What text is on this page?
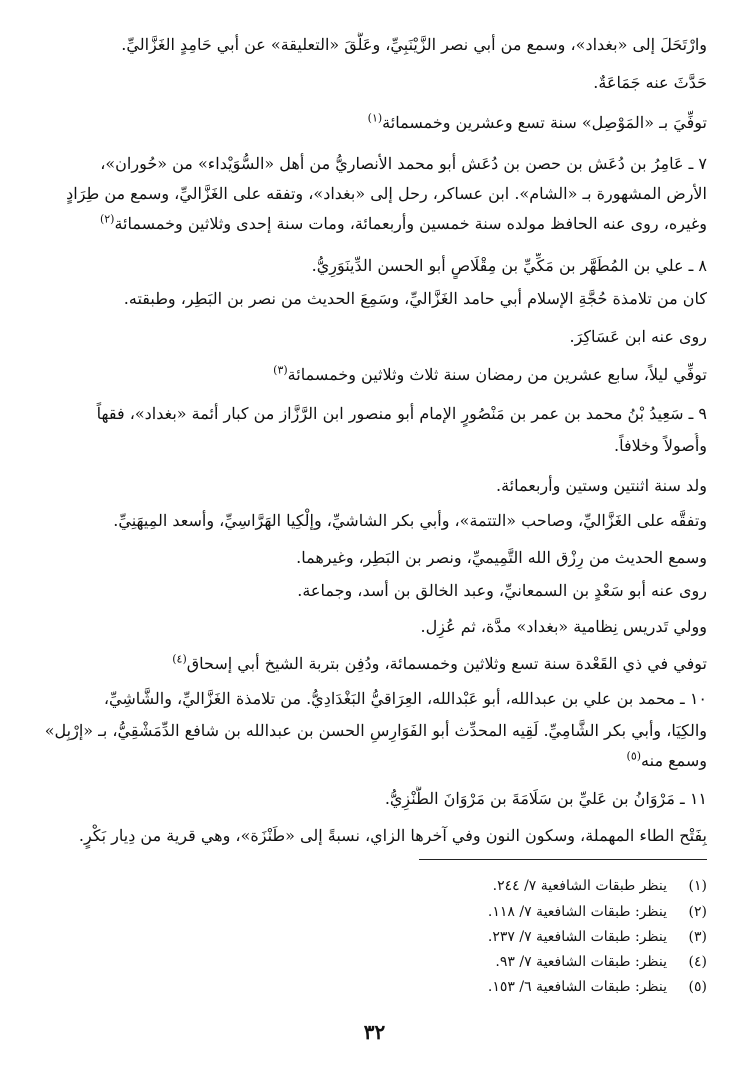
وارْتَحَلَ إلى «بغداد»، وسمع من أبي نصر الزَّيْنَبِيِّ، وعَلَّقَ «التعليقة» عن أبي حَامِدٍ الغَزَّاليِّ.
حَدَّثَ عنه جَمَاعَةٌ.
توفِّيَ بـ «المَوْصِل» سنة تسع وعشرين وخمسمائة$^{(١)}$
٧ ـ عَامِرُ بن دُعَش بن حصن بن دُعَش أبو محمد الأنصاريُّ من أهل «السُّوَيْداء» من «حُوران»،
الأرض المشهورة بـ «الشام». ابن عساكر، رحل إلى «بغداد»، وتفقه على الغَزَّاليِّ، وسمع من طِرَادٍ
وغيره، روى عنه الحافظ مولده سنة خمسين وأربعمائة، ومات سنة إحدى وثلاثين وخمسمائة$^{(٢)}$
٨ ـ علي بن المُطَهَّر بن مَكِّيِّ بن مِقْلَاصٍ أبو الحسن الدِّينَوَرِيُّ.
كان من تلامذة حُجَّةِ الإسلام أبي حامد الغَزَّاليِّ، وسَمِعَ الحديث من نصر بن البَطِر، وطبقته.
روى عنه ابن عَسَاكِرَ.
توفِّي ليلاً، سابع عشرين من رمضان سنة ثلاث وثلاثين وخمسمائة$^{(٣)}$
٩ ـ سَعِيدُ بْنُ محمد بن عمر بن مَنْصُورٍ الإمام أبو منصور ابن الرَّزَّاز من كبار أئمة «بغداد»، فقهاً
وأُصولاً وخلافاً.
ولد سنة اثنتين وستين وأربعمائة.
وتفقَّه على الغَزَّاليِّ، وصاحب «التتمة»، وأبي بكر الشاشيِّ، وإلْكِيا الهَرَّاسِيِّ، وأسعد المِيهَنِيِّ.
وسمع الحديث من رِزْق الله التَّمِيميِّ، ونصر بن البَطِر، وغيرهما.
روى عنه أبو سَعْدٍ بن السمعانيِّ، وعبد الخالق بن أسد، وجماعة.
وولي تَدريس نِظامية «بغداد» مدَّة، ثم عُزِل.
توفي في ذي القَعْدة سنة تسع وثلاثين وخمسمائة، ودُفِن بتربة الشيخ أبي إسحاق$^{(٤)}$
١٠ ـ محمد بن علي بن عبدالله، أبو عَبْدالله، العِرَاقيُّ البَغْدَادِيُّ. من تلامذة الغَزَّاليِّ، والشَّاشِيِّ،
والكِيَا، وأبي بكر الشَّامِيِّ. لَقِيه المحدِّث أبو الفَوَارِسِ الحسن بن عبدالله بن شافع الدِّمَشْقِيُّ، بـ «إرْبِل»
وسمع منه$^{(٥)}$
١١ ـ مَرْوَانُ بن عَليِّ بن سَلَامَةَ بن مَرْوَانَ الطَّنْزِيُّ.
بِفَتْح الطاء المهملة، وسكون النون وفي آخرها الزاي، نسبةً إلى «طَنْزَة»، وهي قرية من دِيار بَكْرٍ.
(١)ينظر طبقات الشافعية ٧/ ٢٤٤.
(٢)ينظر: طبقات الشافعية ٧/ ١١٨.
(٣)ينظر: طبقات الشافعية ٧/ ٢٣٧.
(٤)ينظر: طبقات الشافعية ٧/ ٩٣.
(٥)ينظر: طبقات الشافعية ٦/ ١٥٣.
٣٢
